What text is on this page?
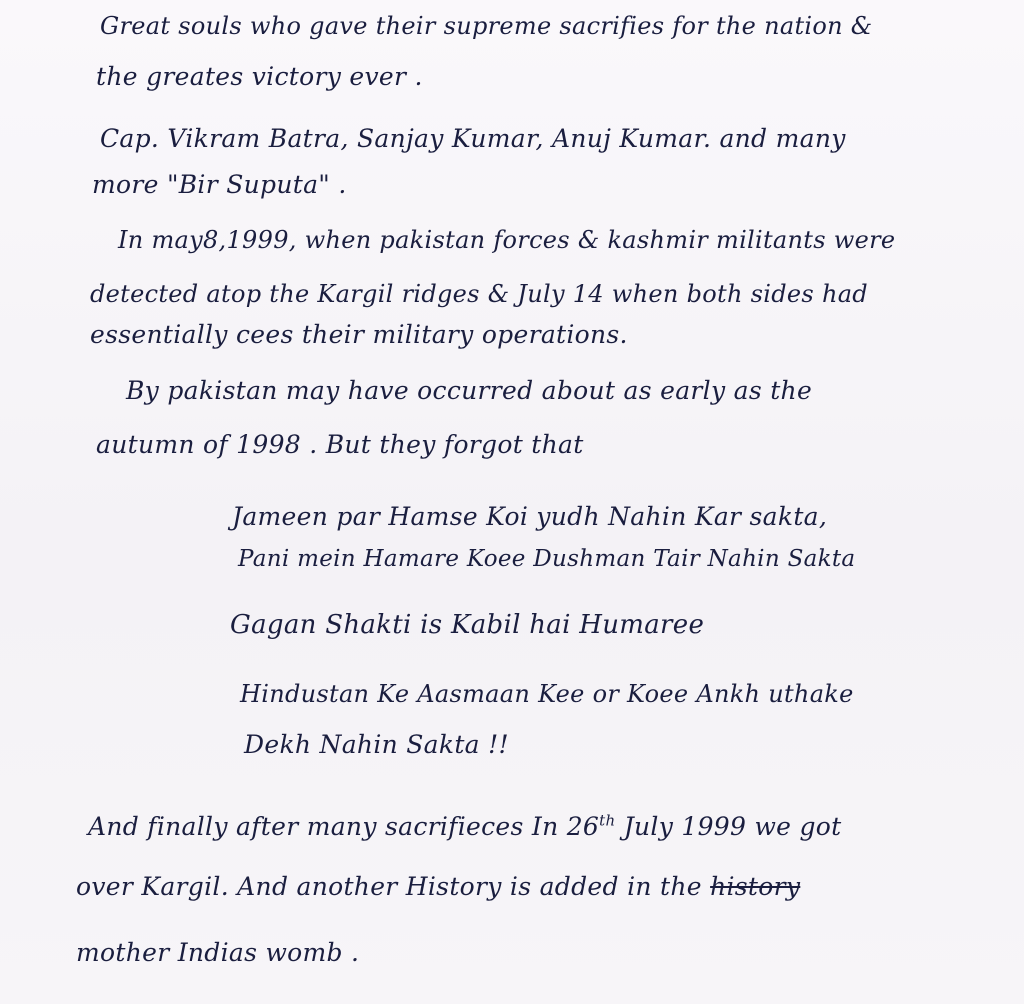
Great souls who gave their supreme sacrifies for the nation &
the greates victory ever .
Cap. Vikram Batra, Sanjay Kumar, Anuj Kumar. and many
more "Bir Suputa" .
In may8,1999, when pakistan forces & kashmir militants were
detected atop the Kargil ridges & July 14 when both sides had
essentially cees their military operations.
By pakistan may have occurred about as early as the
autumn of 1998 . But they forgot that
Jameen par Hamse Koi yudh Nahin Kar sakta,
Pani mein Hamare Koee Dushman Tair Nahin Sakta
Gagan Shakti is Kabil hai Humaree
Hindustan Ke Aasmaan Kee or Koee Ankh uthake
Dekh Nahin Sakta !!
And finally after many sacrifieces In 26th July 1999 we got
over Kargil. And another History is added in the history
mother Indias womb .
